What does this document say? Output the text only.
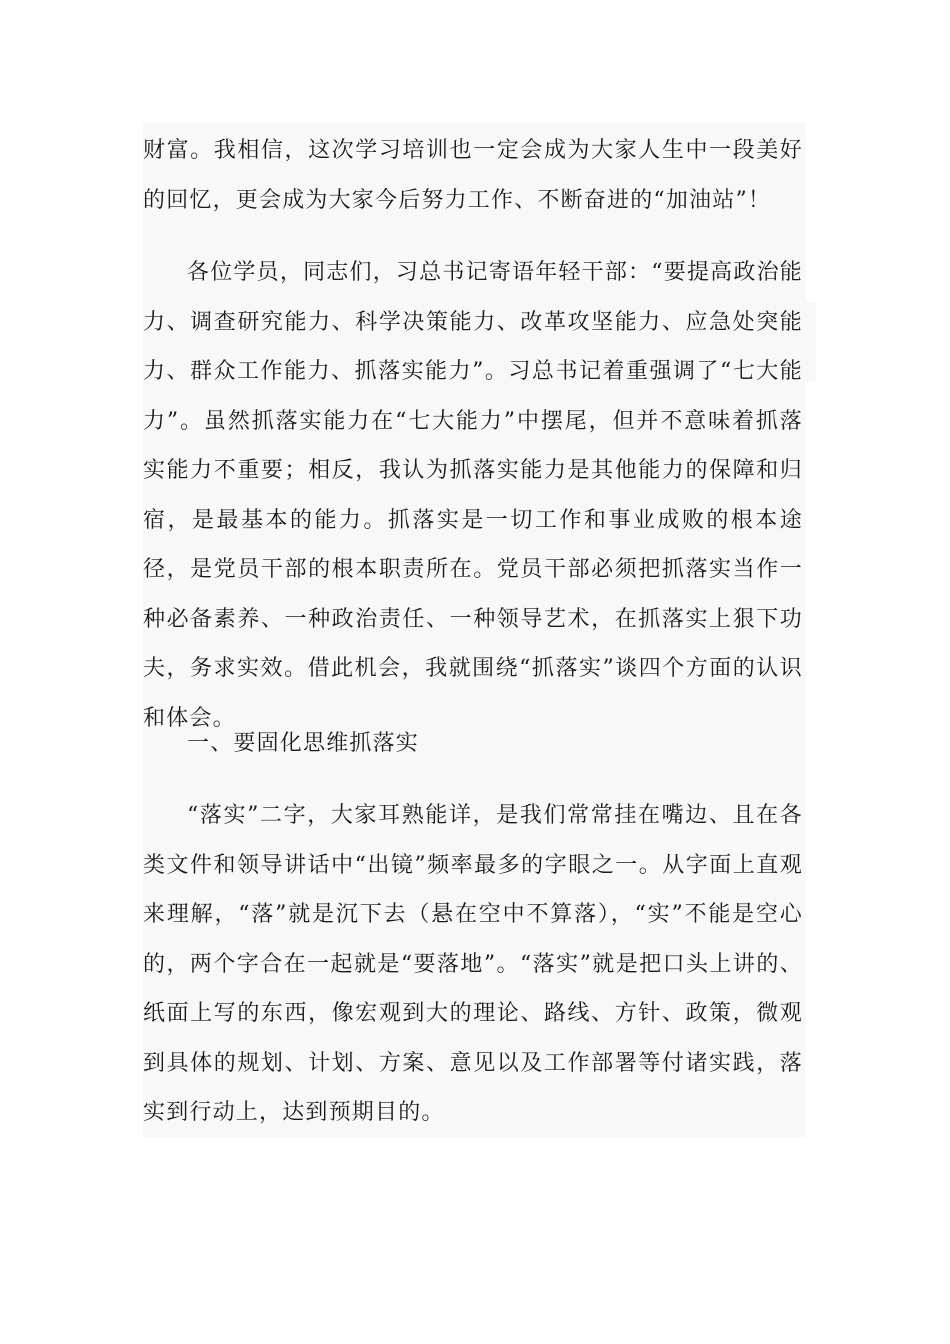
财富。我相信，这次学习培训也一定会成为大家人生中一段美好的回忆，更会成为大家今后努力工作、不断奋进的“加油站”！

各位学员，同志们，习总书记寄语年轻干部：“要提高政治能力、调查研究能力、科学决策能力、改革攻坚能力、应急处突能力、群众工作能力、抓落实能力”。习总书记着重强调了“七大能力”。虽然抓落实能力在“七大能力”中摆尾，但并不意味着抓落实能力不重要；相反，我认为抓落实能力是其他能力的保障和归宿，是最基本的能力。抓落实是一切工作和事业成败的根本途径，是党员干部的根本职责所在。党员干部必须把抓落实当作一种必备素养、一种政治责任、一种领导艺术，在抓落实上狠下功夫，务求实效。借此机会，我就围绕“抓落实”谈四个方面的认识和体会。

一、要固化思维抓落实

“落实”二字，大家耳熟能详，是我们常常挂在嘴边、且在各类文件和领导讲话中“出镜”频率最多的字眼之一。从字面上直观来理解，“落”就是沉下去（悬在空中不算落），“实”不能是空心的，两个字合在一起就是“要落地”。“落实”就是把口头上讲的、纸面上写的东西，像宏观到大的理论、路线、方针、政策，微观到具体的规划、计划、方案、意见以及工作部署等付诸实践，落实到行动上，达到预期目的。
